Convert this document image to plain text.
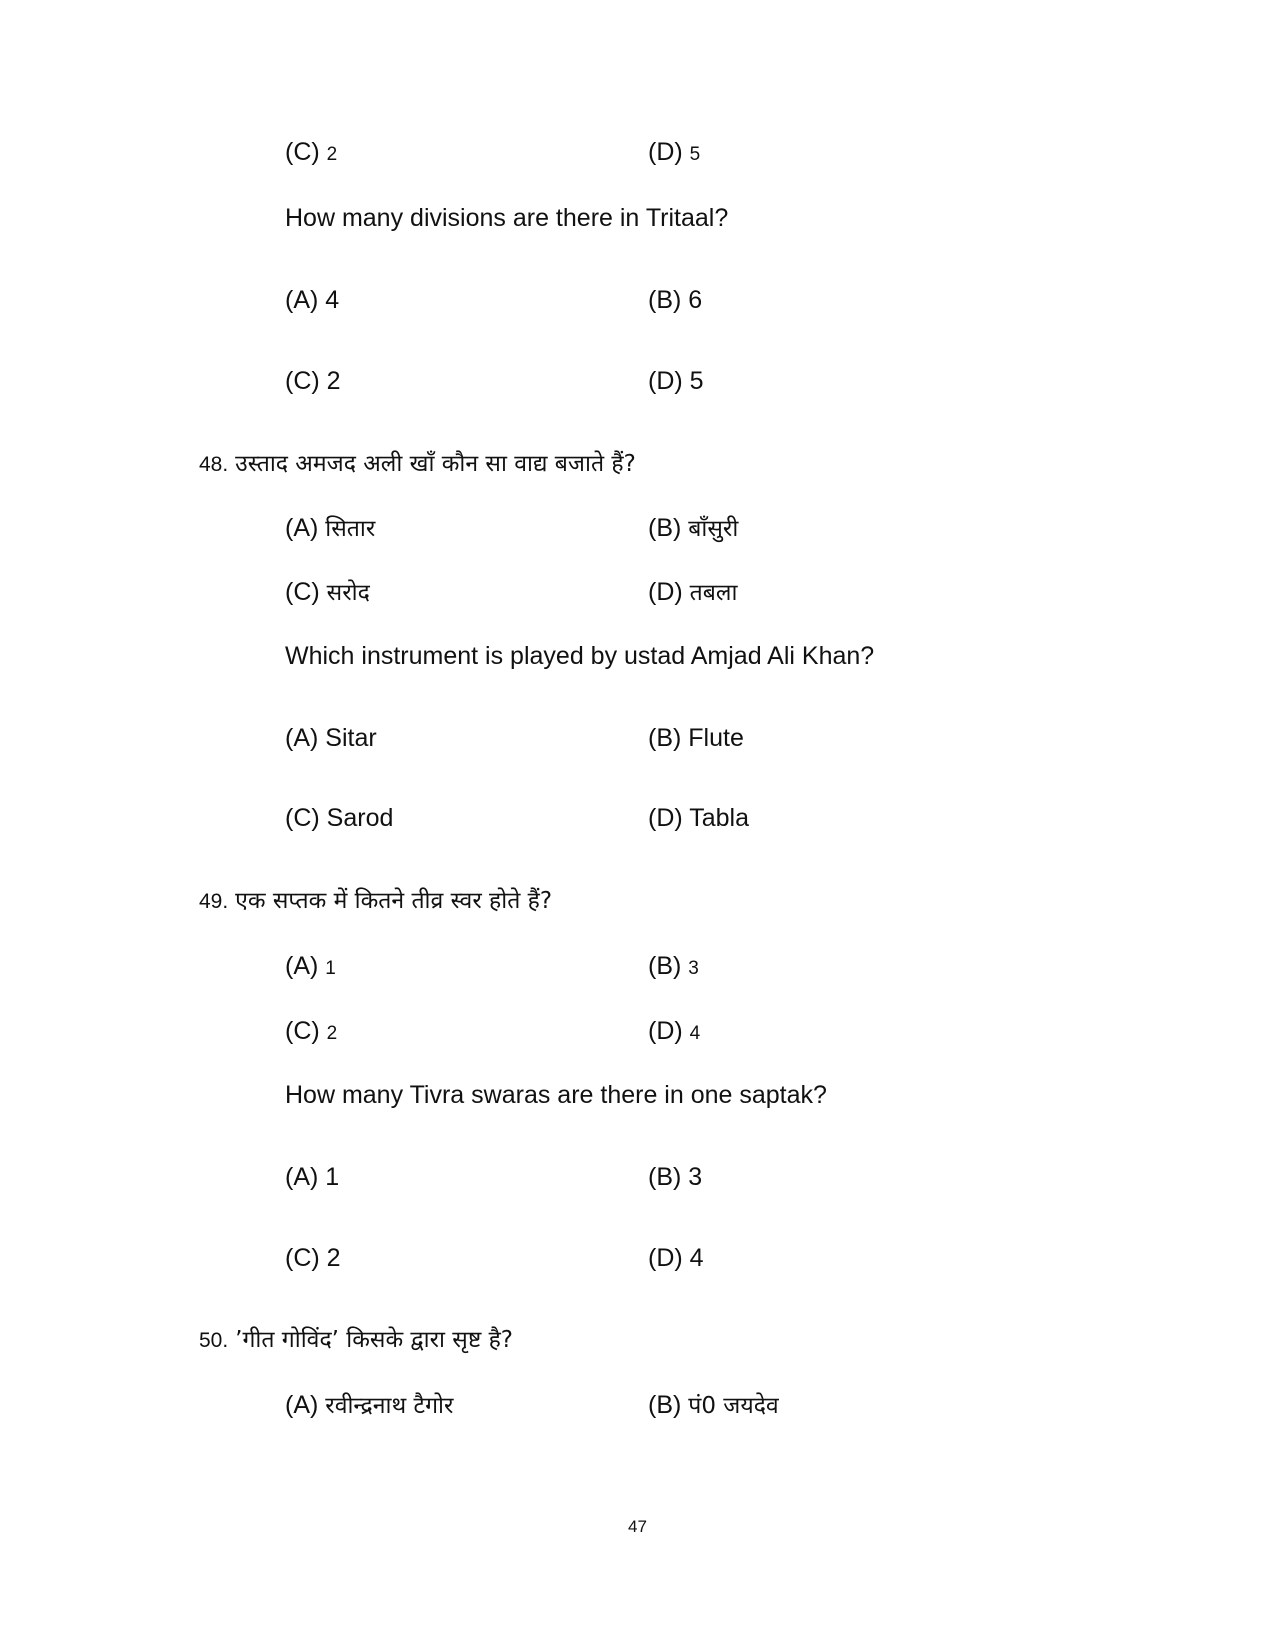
(C) 2	(D) 5
How many divisions are there in Tritaal?
(A) 4	(B) 6
(C) 2	(D) 5
48. उस्ताद अमजद अली खाँ कौन सा वाद्य बजाते हैं?
(A) सितार	(B) बाँसुरी
(C) सरोद	(D) तबला
Which instrument is played by ustad Amjad Ali Khan?
(A) Sitar	(B) Flute
(C) Sarod	(D) Tabla
49. एक सप्तक में कितने तीव्र स्वर होते हैं?
(A) 1	(B) 3
(C) 2	(D) 4
How many Tivra swaras are there in one saptak?
(A) 1	(B) 3
(C) 2	(D) 4
50. ’गीत गोविंद’ किसके द्वारा सृष्ट है?
(A) रवीन्द्रनाथ टैगोर	(B) पं0 जयदेव
47
